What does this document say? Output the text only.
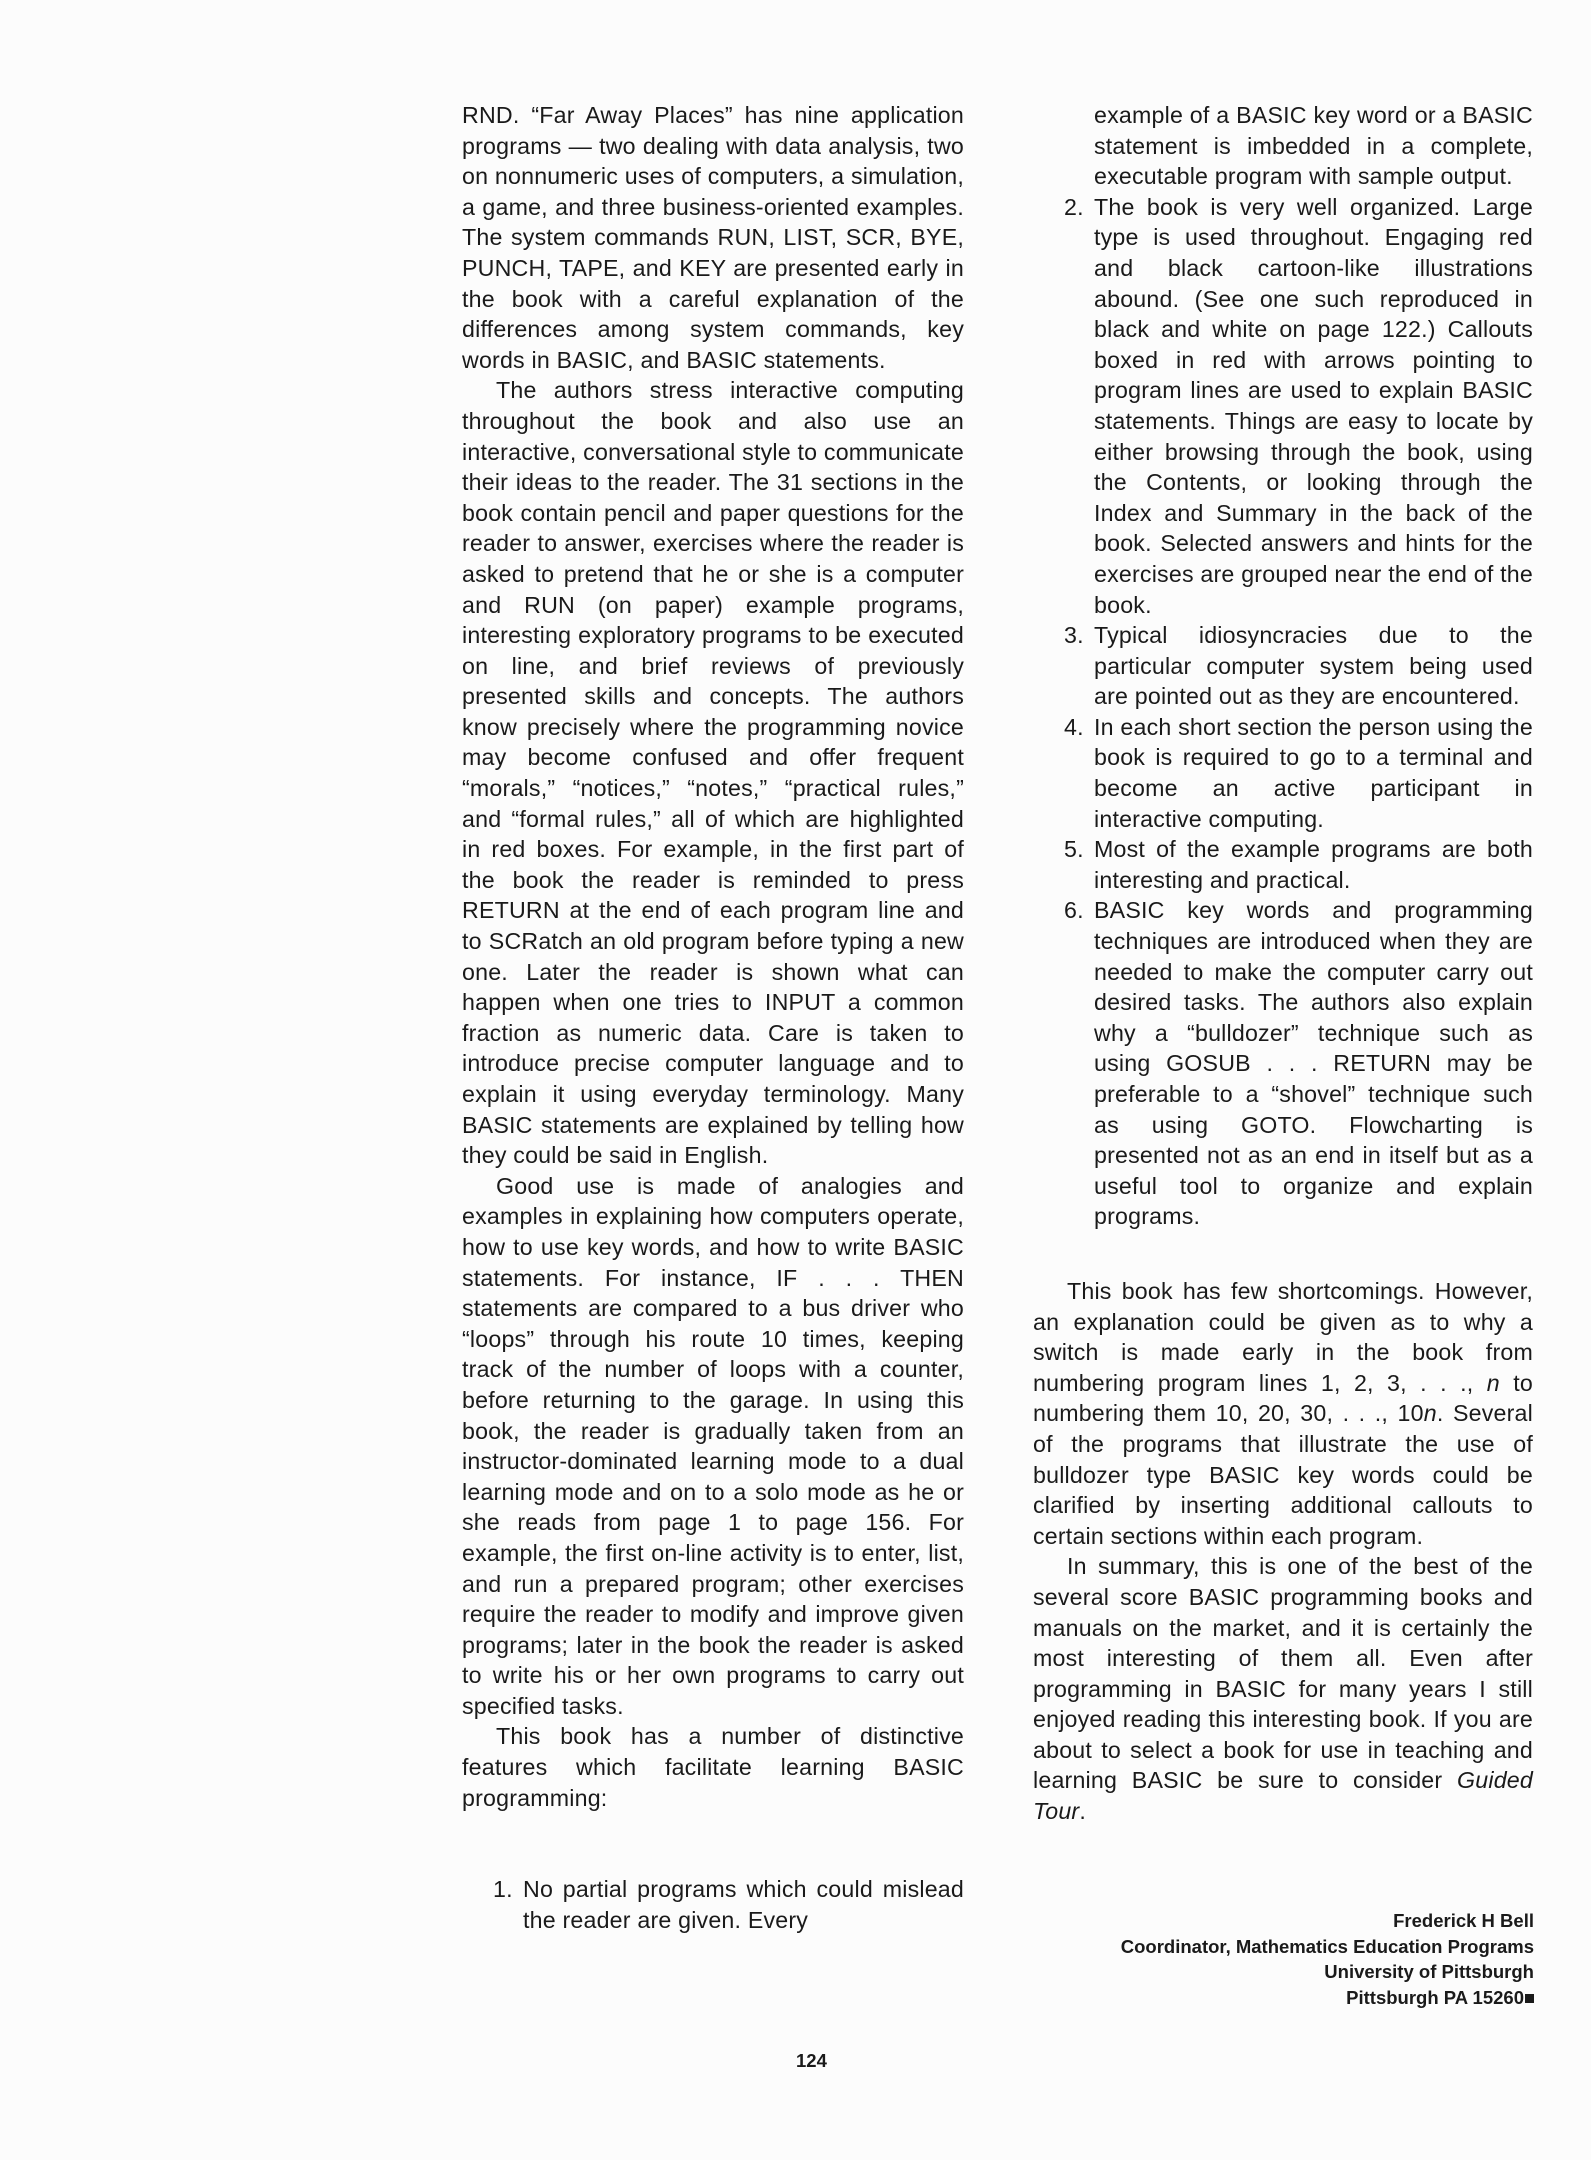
RND. “Far Away Places” has nine application programs — two dealing with data analysis, two on nonnumeric uses of computers, a simulation, a game, and three business-oriented examples. The system commands RUN, LIST, SCR, BYE, PUNCH, TAPE, and KEY are presented early in the book with a careful explanation of the differences among system commands, key words in BASIC, and BASIC statements.

The authors stress interactive computing throughout the book and also use an interactive, conversational style to communicate their ideas to the reader. The 31 sections in the book contain pencil and paper questions for the reader to answer, exercises where the reader is asked to pretend that he or she is a computer and RUN (on paper) example programs, interesting exploratory programs to be executed on line, and brief reviews of previously presented skills and concepts. The authors know precisely where the programming novice may become confused and offer frequent “morals,” “notices,” “notes,” “practical rules,” and “formal rules,” all of which are highlighted in red boxes. For example, in the first part of the book the reader is reminded to press RETURN at the end of each program line and to SCRatch an old program before typing a new one. Later the reader is shown what can happen when one tries to INPUT a common fraction as numeric data. Care is taken to introduce precise computer language and to explain it using everyday terminology. Many BASIC statements are explained by telling how they could be said in English.

Good use is made of analogies and examples in explaining how computers operate, how to use key words, and how to write BASIC statements. For instance, IF . . . THEN statements are compared to a bus driver who “loops” through his route 10 times, keeping track of the number of loops with a counter, before returning to the garage. In using this book, the reader is gradually taken from an instructor-dominated learning mode to a dual learning mode and on to a solo mode as he or she reads from page 1 to page 156. For example, the first on-line activity is to enter, list, and run a prepared program; other exercises require the reader to modify and improve given programs; later in the book the reader is asked to write his or her own programs to carry out specified tasks.

This book has a number of distinctive features which facilitate learning BASIC programming:

1. No partial programs which could mislead the reader are given. Every
example of a BASIC key word or a BASIC statement is imbedded in a complete, executable program with sample output.
2. The book is very well organized. Large type is used throughout. Engaging red and black cartoon-like illustrations abound. (See one such reproduced in black and white on page 122.) Callouts boxed in red with arrows pointing to program lines are used to explain BASIC statements. Things are easy to locate by either browsing through the book, using the Contents, or looking through the Index and Summary in the back of the book. Selected answers and hints for the exercises are grouped near the end of the book.
3. Typical idiosyncracies due to the particular computer system being used are pointed out as they are encountered.
4. In each short section the person using the book is required to go to a terminal and become an active participant in interactive computing.
5. Most of the example programs are both interesting and practical.
6. BASIC key words and programming techniques are introduced when they are needed to make the computer carry out desired tasks. The authors also explain why a “bulldozer” technique such as using GOSUB . . . RETURN may be preferable to a “shovel” technique such as using GOTO. Flowcharting is presented not as an end in itself but as a useful tool to organize and explain programs.

This book has few shortcomings. However, an explanation could be given as to why a switch is made early in the book from numbering program lines 1, 2, 3, . . ., n to numbering them 10, 20, 30, . . ., 10n. Several of the programs that illustrate the use of bulldozer type BASIC key words could be clarified by inserting additional callouts to certain sections within each program.

In summary, this is one of the best of the several score BASIC programming books and manuals on the market, and it is certainly the most interesting of them all. Even after programming in BASIC for many years I still enjoyed reading this interesting book. If you are about to select a book for use in teaching and learning BASIC be sure to consider Guided Tour.

Frederick H Bell
Coordinator, Mathematics Education Programs
University of Pittsburgh
Pittsburgh PA 15260
124
